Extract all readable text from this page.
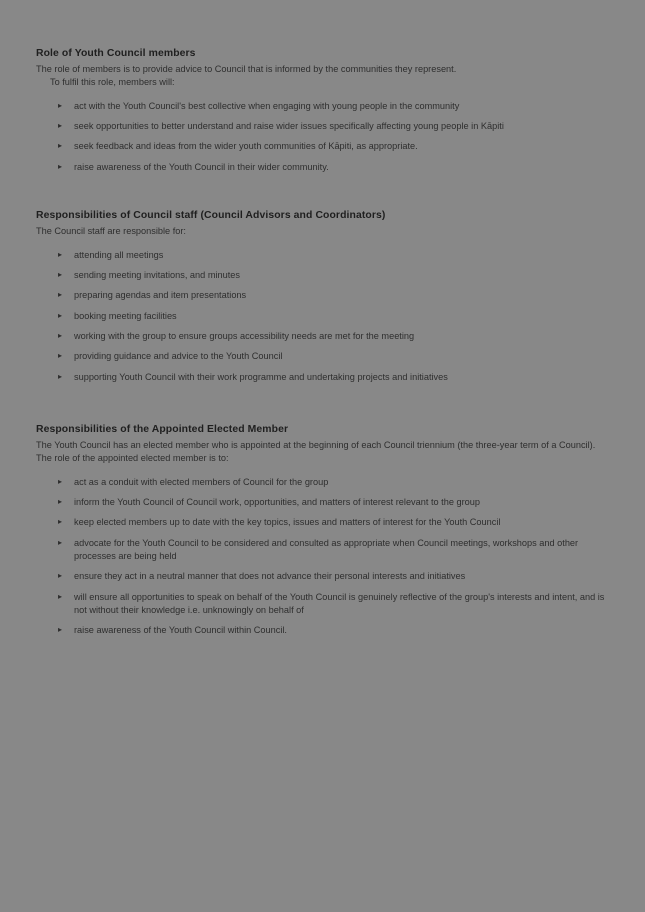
Role of Youth Council members

The role of members is to provide advice to Council that is informed by the communities they represent.
To fulfil this role, members will:

▸ act with the Youth Council's best collective when engaging with young people in the community
▸ seek opportunities to better understand and raise wider issues specifically affecting young people in Kāpiti
▸ seek feedback and ideas from the wider youth communities of Kāpiti, as appropriate.
▸ raise awareness of the Youth Council in their wider community.
Responsibilities of Council staff (Council Advisors and Coordinators)

The Council staff are responsible for:

▸ attending all meetings
▸ sending meeting invitations, and minutes
▸ preparing agendas and item presentations
▸ booking meeting facilities
▸ working with the group to ensure groups accessibility needs are met for the meeting
▸ providing guidance and advice to the Youth Council
▸ supporting Youth Council with their work programme and undertaking projects and initiatives
Responsibilities of the Appointed Elected Member

The Youth Council has an elected member who is appointed at the beginning of each Council triennium (the three-year term of a Council). The role of the appointed elected member is to:

▸ act as a conduit with elected members of Council for the group
▸ inform the Youth Council of Council work, opportunities, and matters of interest relevant to the group
▸ keep elected members up to date with the key topics, issues and matters of interest for the Youth Council
▸ advocate for the Youth Council to be considered and consulted as appropriate when Council meetings, workshops and other processes are being held
▸ ensure they act in a neutral manner that does not advance their personal interests and initiatives
▸ will ensure all opportunities to speak on behalf of the Youth Council is genuinely reflective of the group's interests and intent, and is not without their knowledge i.e. unknowingly on behalf of
▸ raise awareness of the Youth Council within Council.
